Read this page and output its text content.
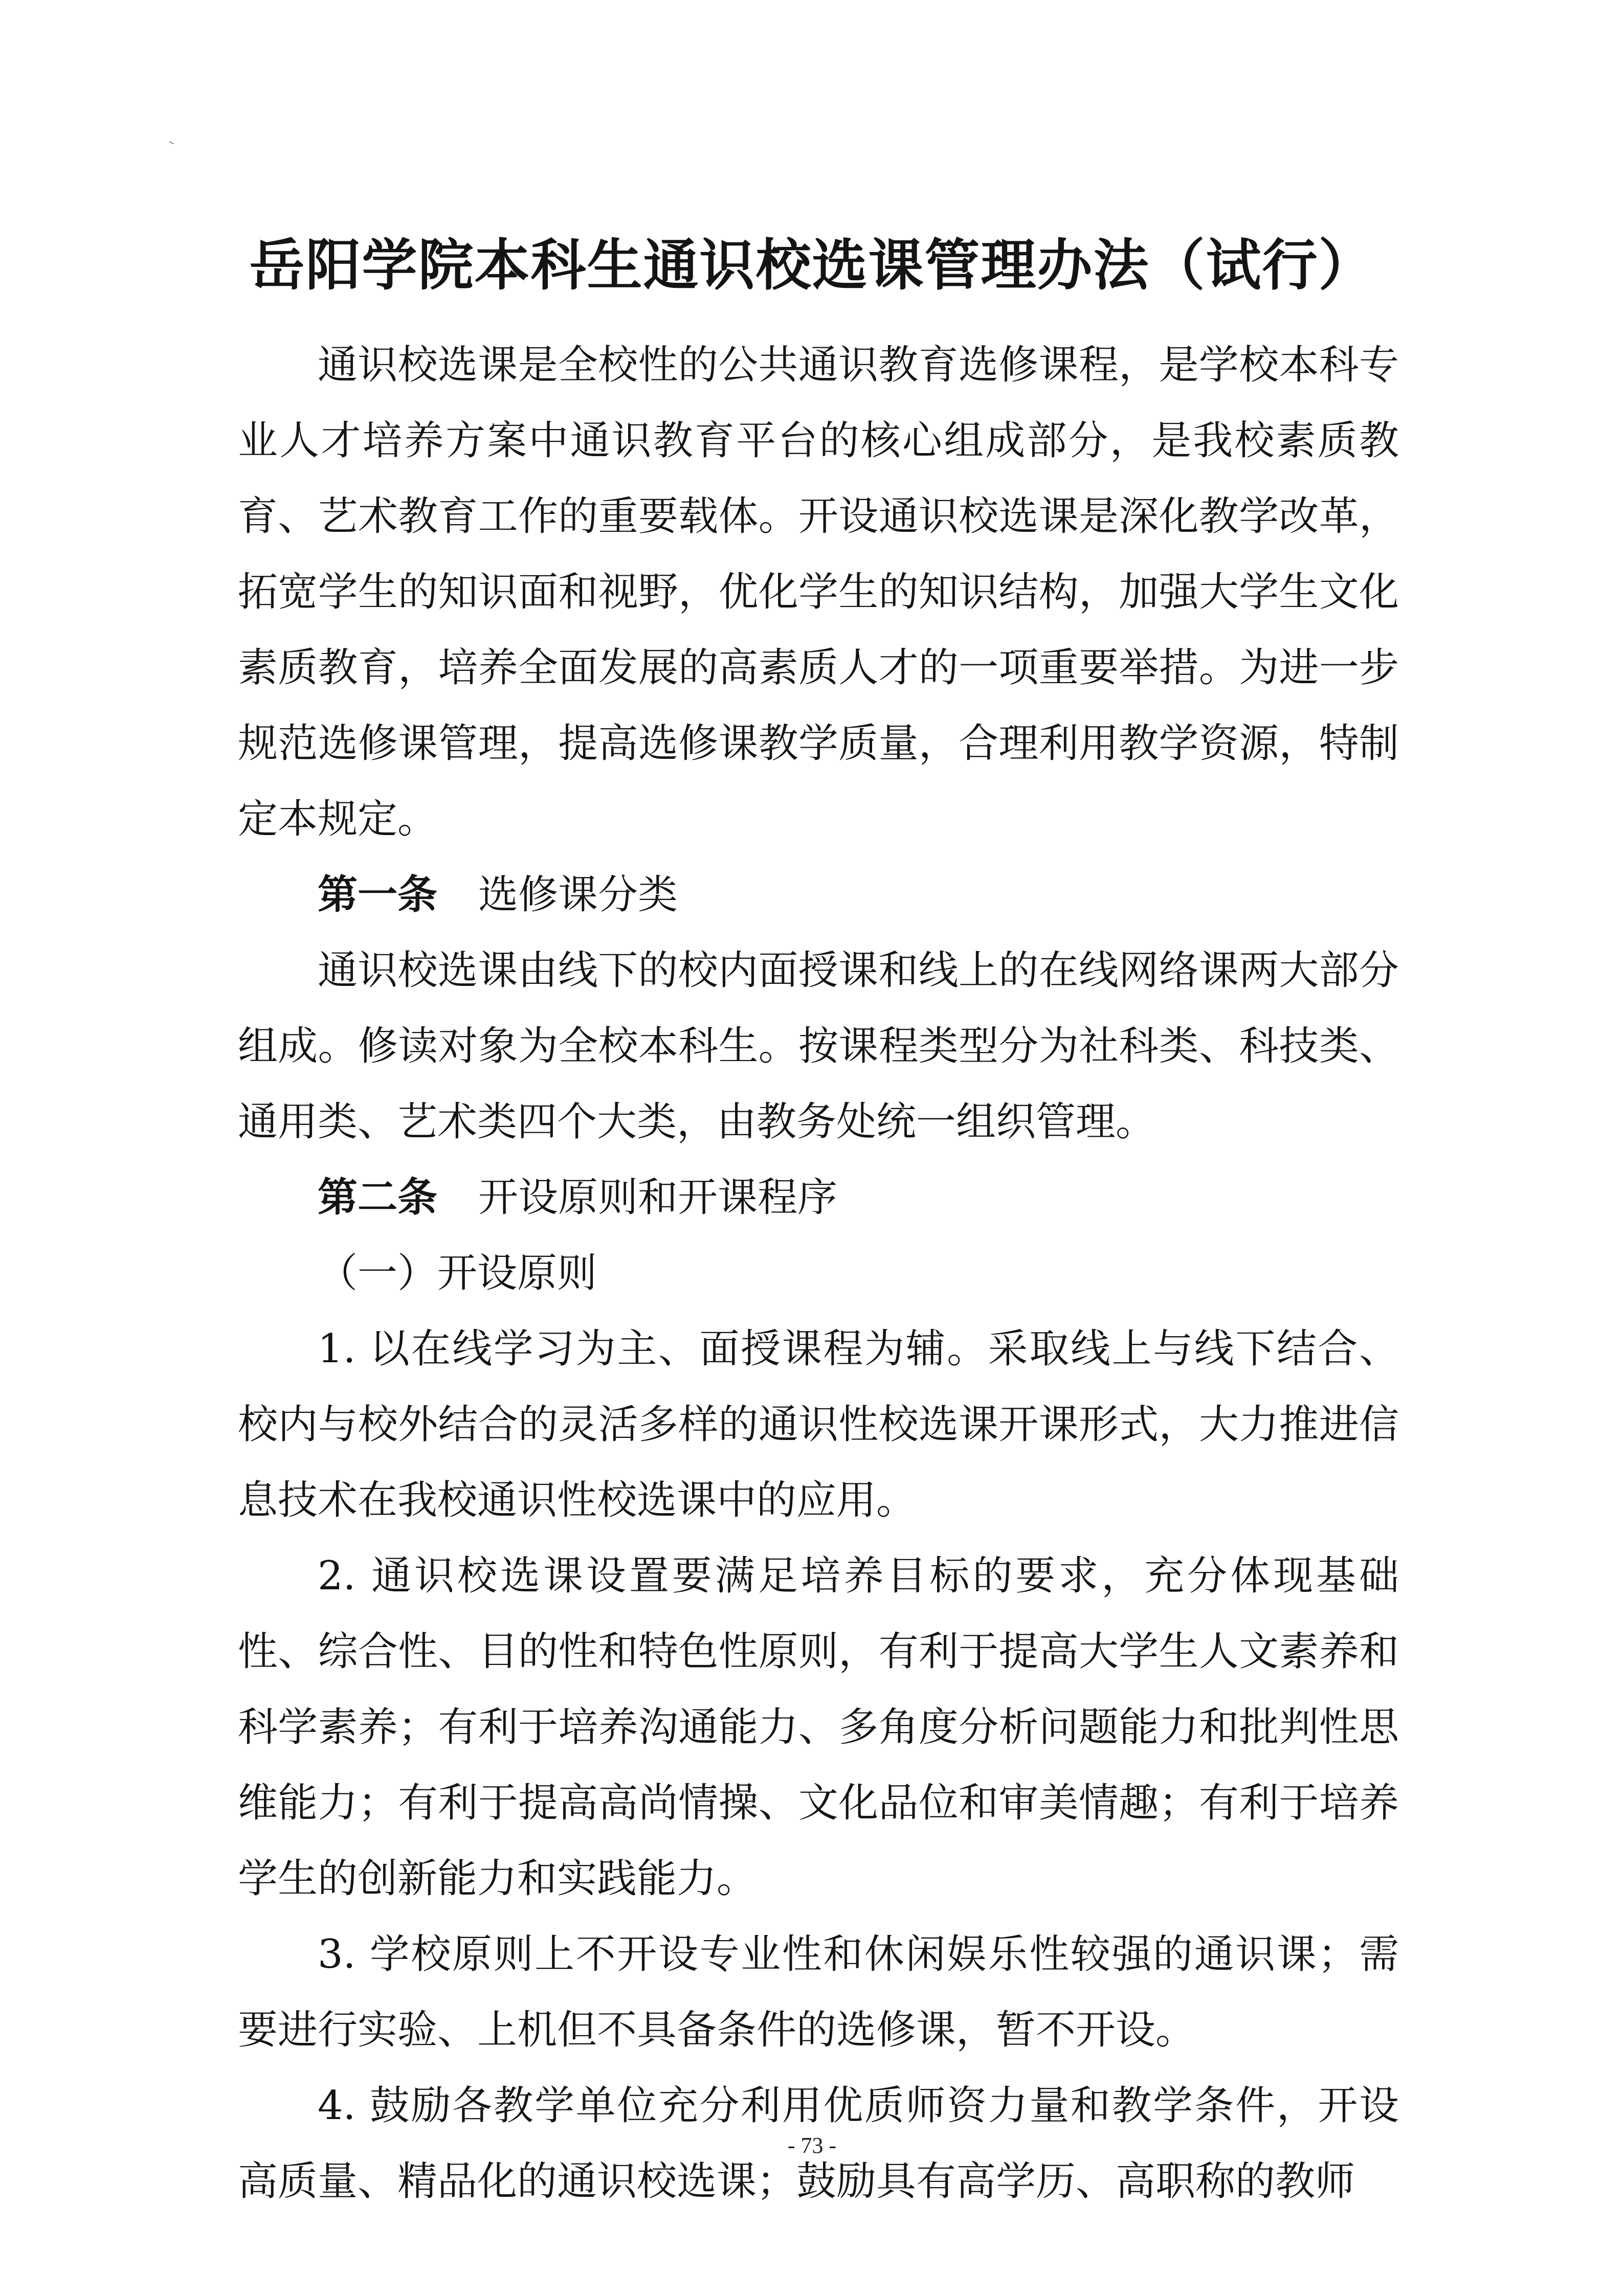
岳阳学院本科生通识校选课管理办法（试行）

通识校选课是全校性的公共通识教育选修课程，是学校本科专业人才培养方案中通识教育平台的核心组成部分，是我校素质教育、艺术教育工作的重要载体。开设通识校选课是深化教学改革，拓宽学生的知识面和视野，优化学生的知识结构，加强大学生文化素质教育，培养全面发展的高素质人才的一项重要举措。为进一步规范选修课管理，提高选修课教学质量，合理利用教学资源，特制定本规定。

第一条 选修课分类

通识校选课由线下的校内面授课和线上的在线网络课两大部分组成。修读对象为全校本科生。按课程类型分为社科类、科技类、通用类、艺术类四个大类，由教务处统一组织管理。

第二条 开设原则和开课程序

（一）开设原则

1. 以在线学习为主、面授课程为辅。采取线上与线下结合、校内与校外结合的灵活多样的通识性校选课开课形式，大力推进信息技术在我校通识性校选课中的应用。

2. 通识校选课设置要满足培养目标的要求，充分体现基础性、综合性、目的性和特色性原则，有利于提高大学生人文素养和科学素养；有利于培养沟通能力、多角度分析问题能力和批判性思维能力；有利于提高高尚情操、文化品位和审美情趣；有利于培养学生的创新能力和实践能力。

3. 学校原则上不开设专业性和休闲娱乐性较强的通识课；需要进行实验、上机但不具备条件的选修课，暂不开设。

4. 鼓励各教学单位充分利用优质师资力量和教学条件，开设高质量、精品化的通识校选课；鼓励具有高学历、高职称的教师

- 73 -
